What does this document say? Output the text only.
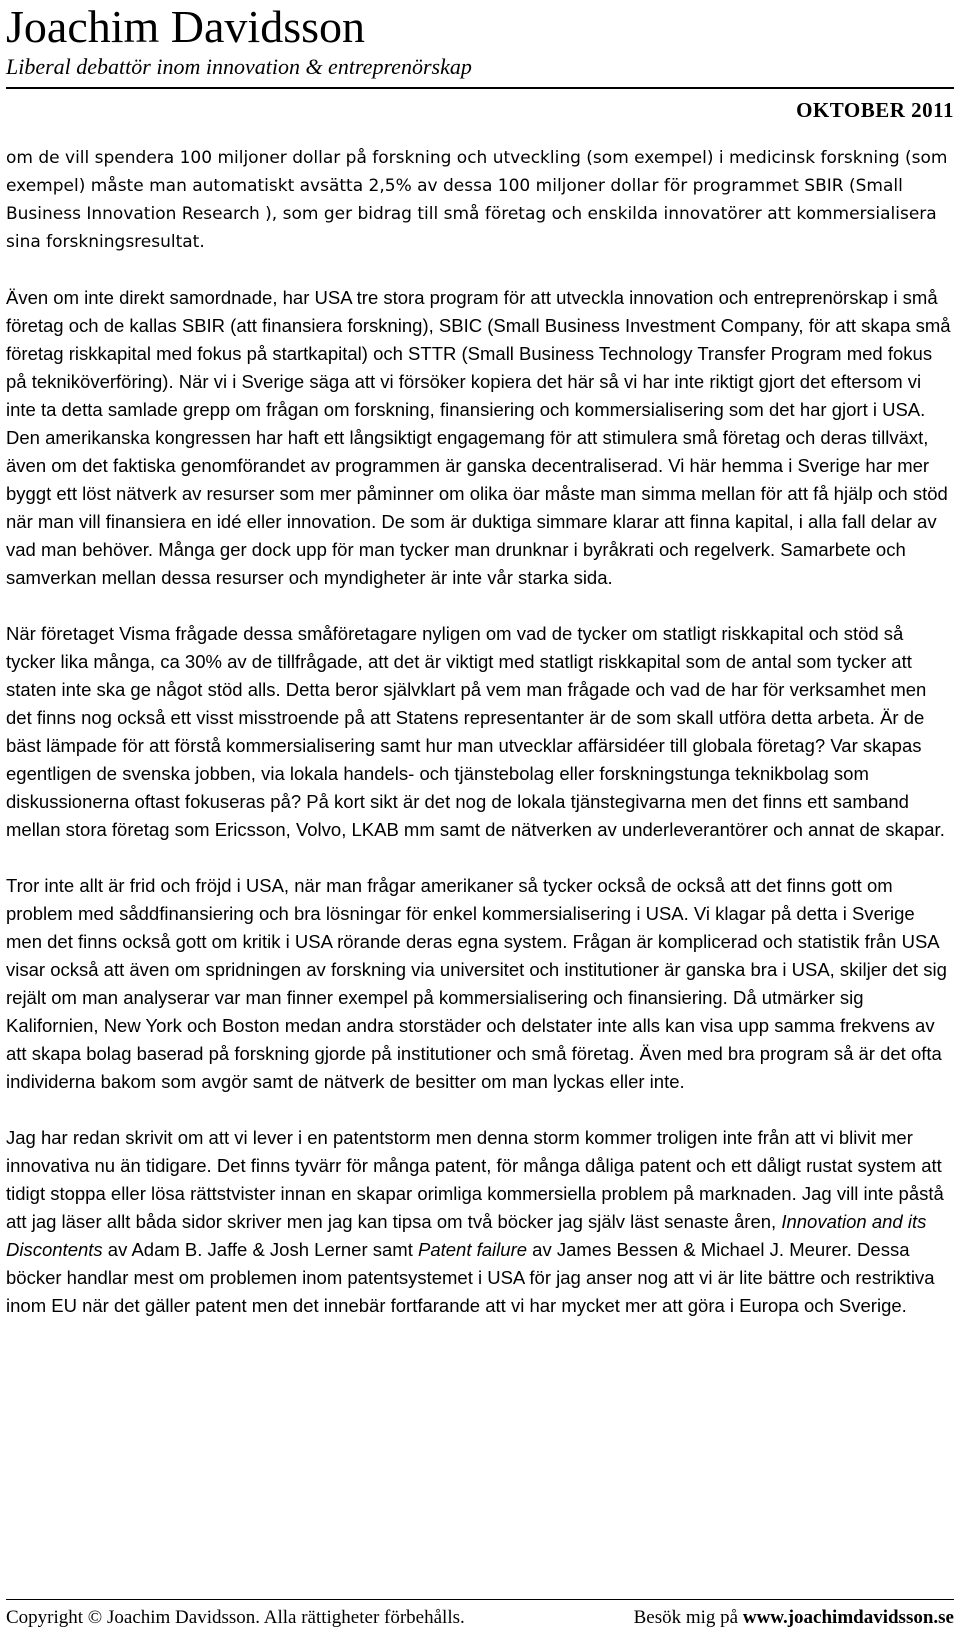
Joachim Davidsson
Liberal debattör inom innovation & entreprenörskap
OKTOBER 2011

om de vill spendera 100 miljoner dollar på forskning och utveckling (som exempel) i medicinsk forskning (som exempel) måste man automatiskt avsätta 2,5% av dessa 100 miljoner dollar för programmet SBIR (Small Business Innovation Research ), som ger bidrag till små företag och enskilda innovatörer att kommersialisera sina forskningsresultat.

Även om inte direkt samordnade, har USA tre stora program för att utveckla innovation och entreprenörskap i små företag och de kallas SBIR (att finansiera forskning), SBIC (Small Business Investment Company, för att skapa små företag riskkapital med fokus på startkapital) och STTR (Small Business Technology Transfer Program med fokus på tekniköverföring). När vi i Sverige säga att vi försöker kopiera det här så vi har inte riktigt gjort det eftersom vi inte ta detta samlade grepp om frågan om forskning, finansiering och kommersialisering som det har gjort i USA. Den amerikanska kongressen har haft ett långsiktigt engagemang för att stimulera små företag och deras tillväxt, även om det faktiska genomförandet av programmen är ganska decentraliserad. Vi här hemma i Sverige har mer byggt ett löst nätverk av resurser som mer påminner om olika öar måste man simma mellan för att få hjälp och stöd när man vill finansiera en idé eller innovation. De som är duktiga simmare klarar att finna kapital, i alla fall delar av vad man behöver. Många ger dock upp för man tycker man drunknar i byråkrati och regelverk. Samarbete och samverkan mellan dessa resurser och myndigheter är inte vår starka sida.

När företaget Visma frågade dessa småföretagare nyligen om vad de tycker om statligt riskkapital och stöd så tycker lika många, ca 30% av de tillfrågade, att det är viktigt med statligt riskkapital som de antal som tycker att staten inte ska ge något stöd alls. Detta beror självklart på vem man frågade och vad de har för verksamhet men det finns nog också ett visst misstroende på att Statens representanter är de som skall utföra detta arbeta. Är de bäst lämpade för att förstå kommersialisering samt hur man utvecklar affärsidéer till globala företag? Var skapas egentligen de svenska jobben, via lokala handels- och tjänstebolag eller forskningstunga teknikbolag som diskussionerna oftast fokuseras på? På kort sikt är det nog de lokala tjänstegivarna men det finns ett samband mellan stora företag som Ericsson, Volvo, LKAB mm samt de nätverken av underleverantörer och annat de skapar.

Tror inte allt är frid och fröjd i USA, när man frågar amerikaner så tycker också de också att det finns gott om problem med såddfinansiering och bra lösningar för enkel kommersialisering i USA. Vi klagar på detta i Sverige men det finns också gott om kritik i USA rörande deras egna system. Frågan är komplicerad och statistik från USA visar också att även om spridningen av forskning via universitet och institutioner är ganska bra i USA, skiljer det sig rejält om man analyserar var man finner exempel på kommersialisering och finansiering. Då utmärker sig Kalifornien, New York och Boston medan andra storstäder och delstater inte alls kan visa upp samma frekvens av att skapa bolag baserad på forskning gjorde på institutioner och små företag. Även med bra program så är det ofta individerna bakom som avgör samt de nätverk de besitter om man lyckas eller inte.

Jag har redan skrivit om att vi lever i en patentstorm men denna storm kommer troligen inte från att vi blivit mer innovativa nu än tidigare. Det finns tyvärr för många patent, för många dåliga patent och ett dåligt rustat system att tidigt stoppa eller lösa rättstvister innan en skapar orimliga kommersiella problem på marknaden. Jag vill inte påstå att jag läser allt båda sidor skriver men jag kan tipsa om två böcker jag själv läst senaste åren, Innovation and its Discontents av Adam B. Jaffe & Josh Lerner samt Patent failure av James Bessen & Michael J. Meurer. Dessa böcker handlar mest om problemen inom patentsystemet i USA för jag anser nog att vi är lite bättre och restriktiva inom EU när det gäller patent men det innebär fortfarande att vi har mycket mer att göra i Europa och Sverige.

Copyright © Joachim Davidsson. Alla rättigheter förbehålls.	Besök mig på www.joachimdavidsson.se
